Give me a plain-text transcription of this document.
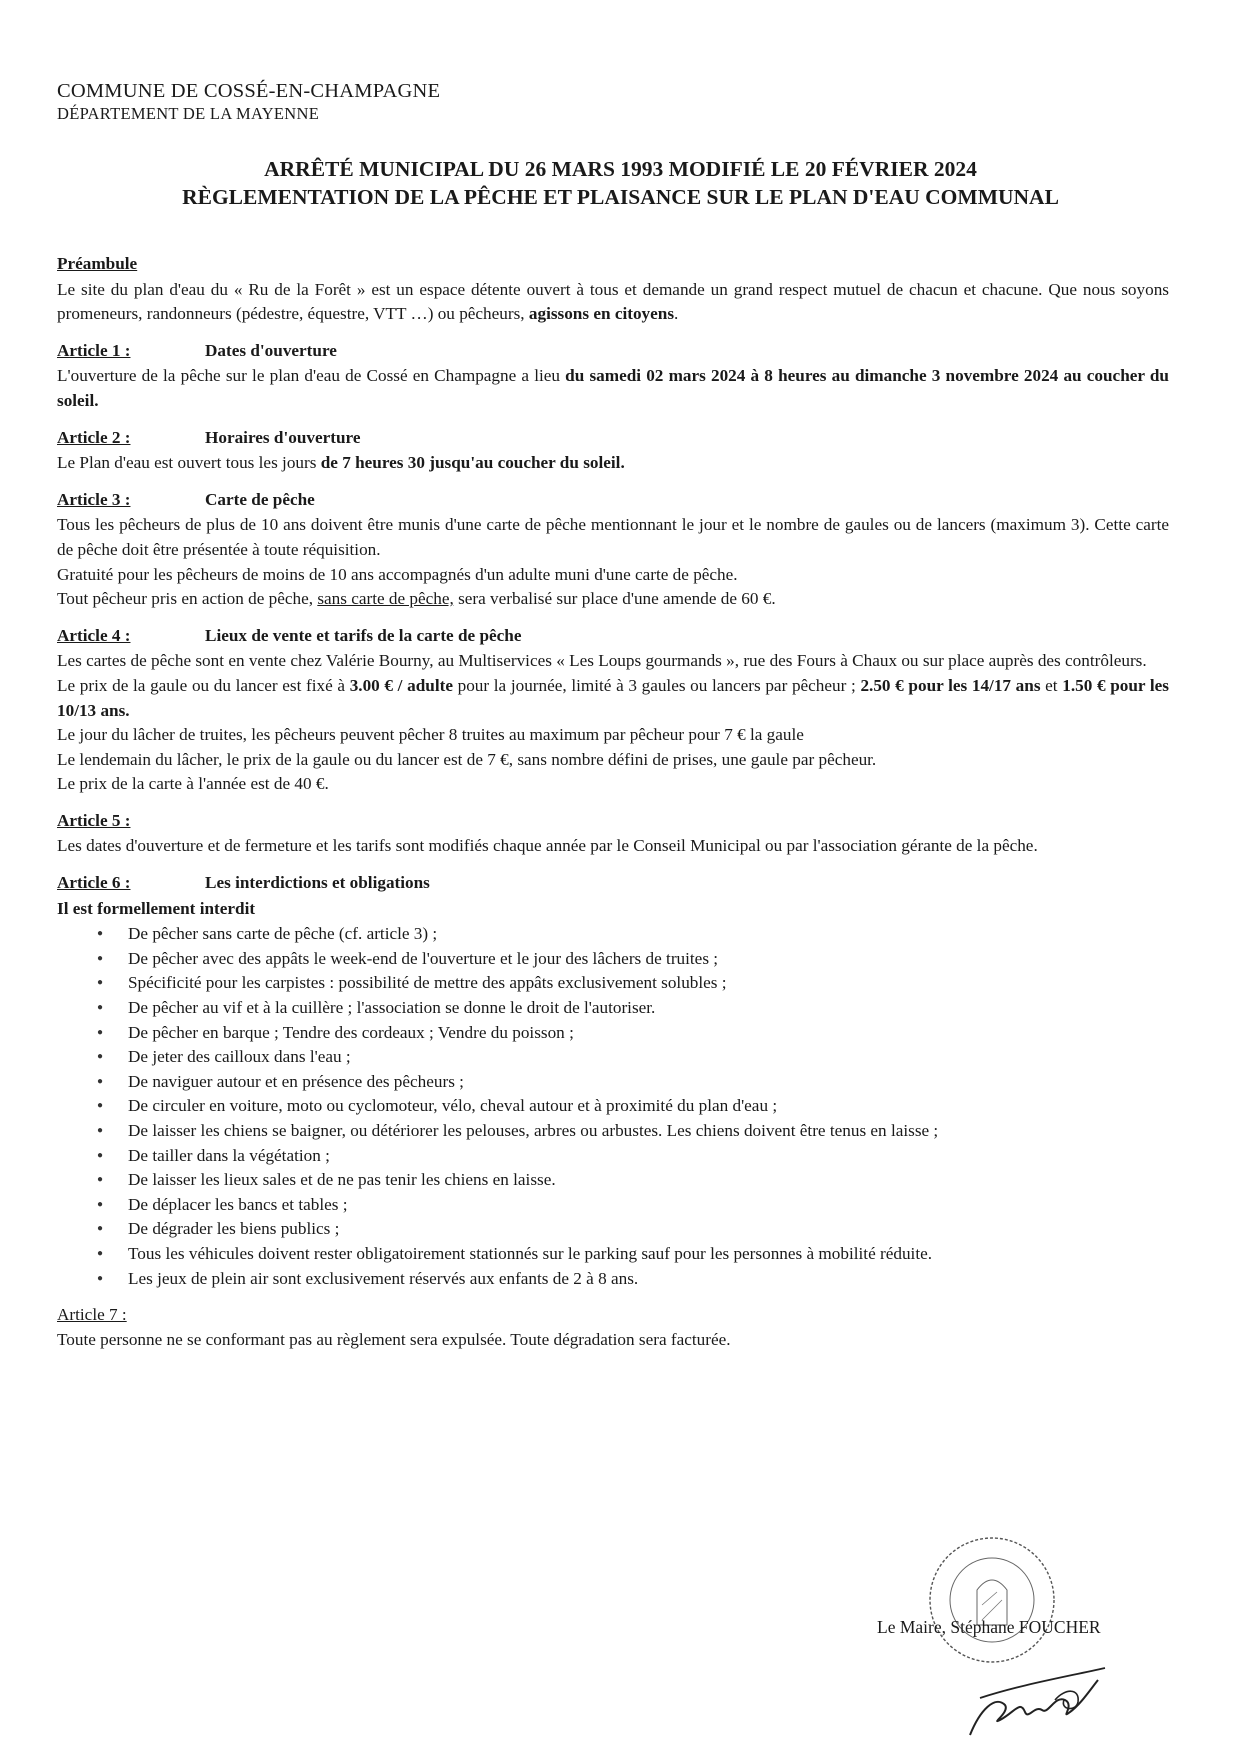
COMMUNE DE COSSÉ-EN-CHAMPAGNE
DÉPARTEMENT DE LA MAYENNE
ARRÊTÉ MUNICIPAL DU 26 MARS 1993 MODIFIÉ LE 20 FÉVRIER 2024
RÈGLEMENTATION DE LA PÊCHE ET PLAISANCE SUR LE PLAN D'EAU COMMUNAL
Préambule

Le site du plan d'eau du « Ru de la Forêt » est un espace détente ouvert à tous et demande un grand respect mutuel de chacun et chacune. Que nous soyons promeneurs, randonneurs (pédestre, équestre, VTT …) ou pêcheurs, agissons en citoyens.

Article 1 :	Dates d'ouverture

L'ouverture de la pêche sur le plan d'eau de Cossé en Champagne a lieu du samedi 02 mars 2024 à 8 heures au dimanche 3 novembre 2024 au coucher du soleil.

Article 2 :	Horaires d'ouverture

Le Plan d'eau est ouvert tous les jours de 7 heures 30 jusqu'au coucher du soleil.

Article 3 :	Carte de pêche

Tous les pêcheurs de plus de 10 ans doivent être munis d'une carte de pêche mentionnant le jour et le nombre de gaules ou de lancers (maximum 3). Cette carte de pêche doit être présentée à toute réquisition.

Gratuité pour les pêcheurs de moins de 10 ans accompagnés d'un adulte muni d'une carte de pêche.

Tout pêcheur pris en action de pêche, sans carte de pêche, sera verbalisé sur place d'une amende de 60 €.

Article 4 :	Lieux de vente et tarifs de la carte de pêche

Les cartes de pêche sont en vente chez Valérie Bourny, au Multiservices « Les Loups gourmands », rue des Fours à Chaux ou sur place auprès des contrôleurs.

Le prix de la gaule ou du lancer est fixé à 3.00 € / adulte pour la journée, limité à 3 gaules ou lancers par pêcheur ; 2.50 € pour les 14/17 ans et 1.50 € pour les 10/13 ans.

Le jour du lâcher de truites, les pêcheurs peuvent pêcher 8 truites au maximum par pêcheur pour 7 € la gaule

Le lendemain du lâcher, le prix de la gaule ou du lancer est de 7 €, sans nombre défini de prises, une gaule par pêcheur.

Le prix de la carte à l'année est de 40 €.

Article 5 :

Les dates d'ouverture et de fermeture et les tarifs sont modifiés chaque année par le Conseil Municipal ou par l'association gérante de la pêche.

Article 6 :	Les interdictions et obligations
Il est formellement interdit
● De pêcher sans carte de pêche (cf. article 3) ;
● De pêcher avec des appâts le week-end de l'ouverture et le jour des lâchers de truites ;
● Spécificité pour les carpistes : possibilité de mettre des appâts exclusivement solubles ;
● De pêcher au vif et à la cuillère ; l'association se donne le droit de l'autoriser.
● De pêcher en barque ; Tendre des cordeaux ; Vendre du poisson ;
● De jeter des cailloux dans l'eau ;
● De naviguer autour et en présence des pêcheurs ;
● De circuler en voiture, moto ou cyclomoteur, vélo, cheval autour et à proximité du plan d'eau ;
● De laisser les chiens se baigner, ou détériorer les pelouses, arbres ou arbustes. Les chiens doivent être tenus en laisse ;
● De tailler dans la végétation ;
● De laisser les lieux sales et de ne pas tenir les chiens en laisse.
● De déplacer les bancs et tables ;
● De dégrader les biens publics ;
● Tous les véhicules doivent rester obligatoirement stationnés sur le parking sauf pour les personnes à mobilité réduite.
● Les jeux de plein air sont exclusivement réservés aux enfants de 2 à 8 ans.
Article 7 :

Toute personne ne se conformant pas au règlement sera expulsée. Toute dégradation sera facturée.

Le Maire, Stéphane FOUCHER
